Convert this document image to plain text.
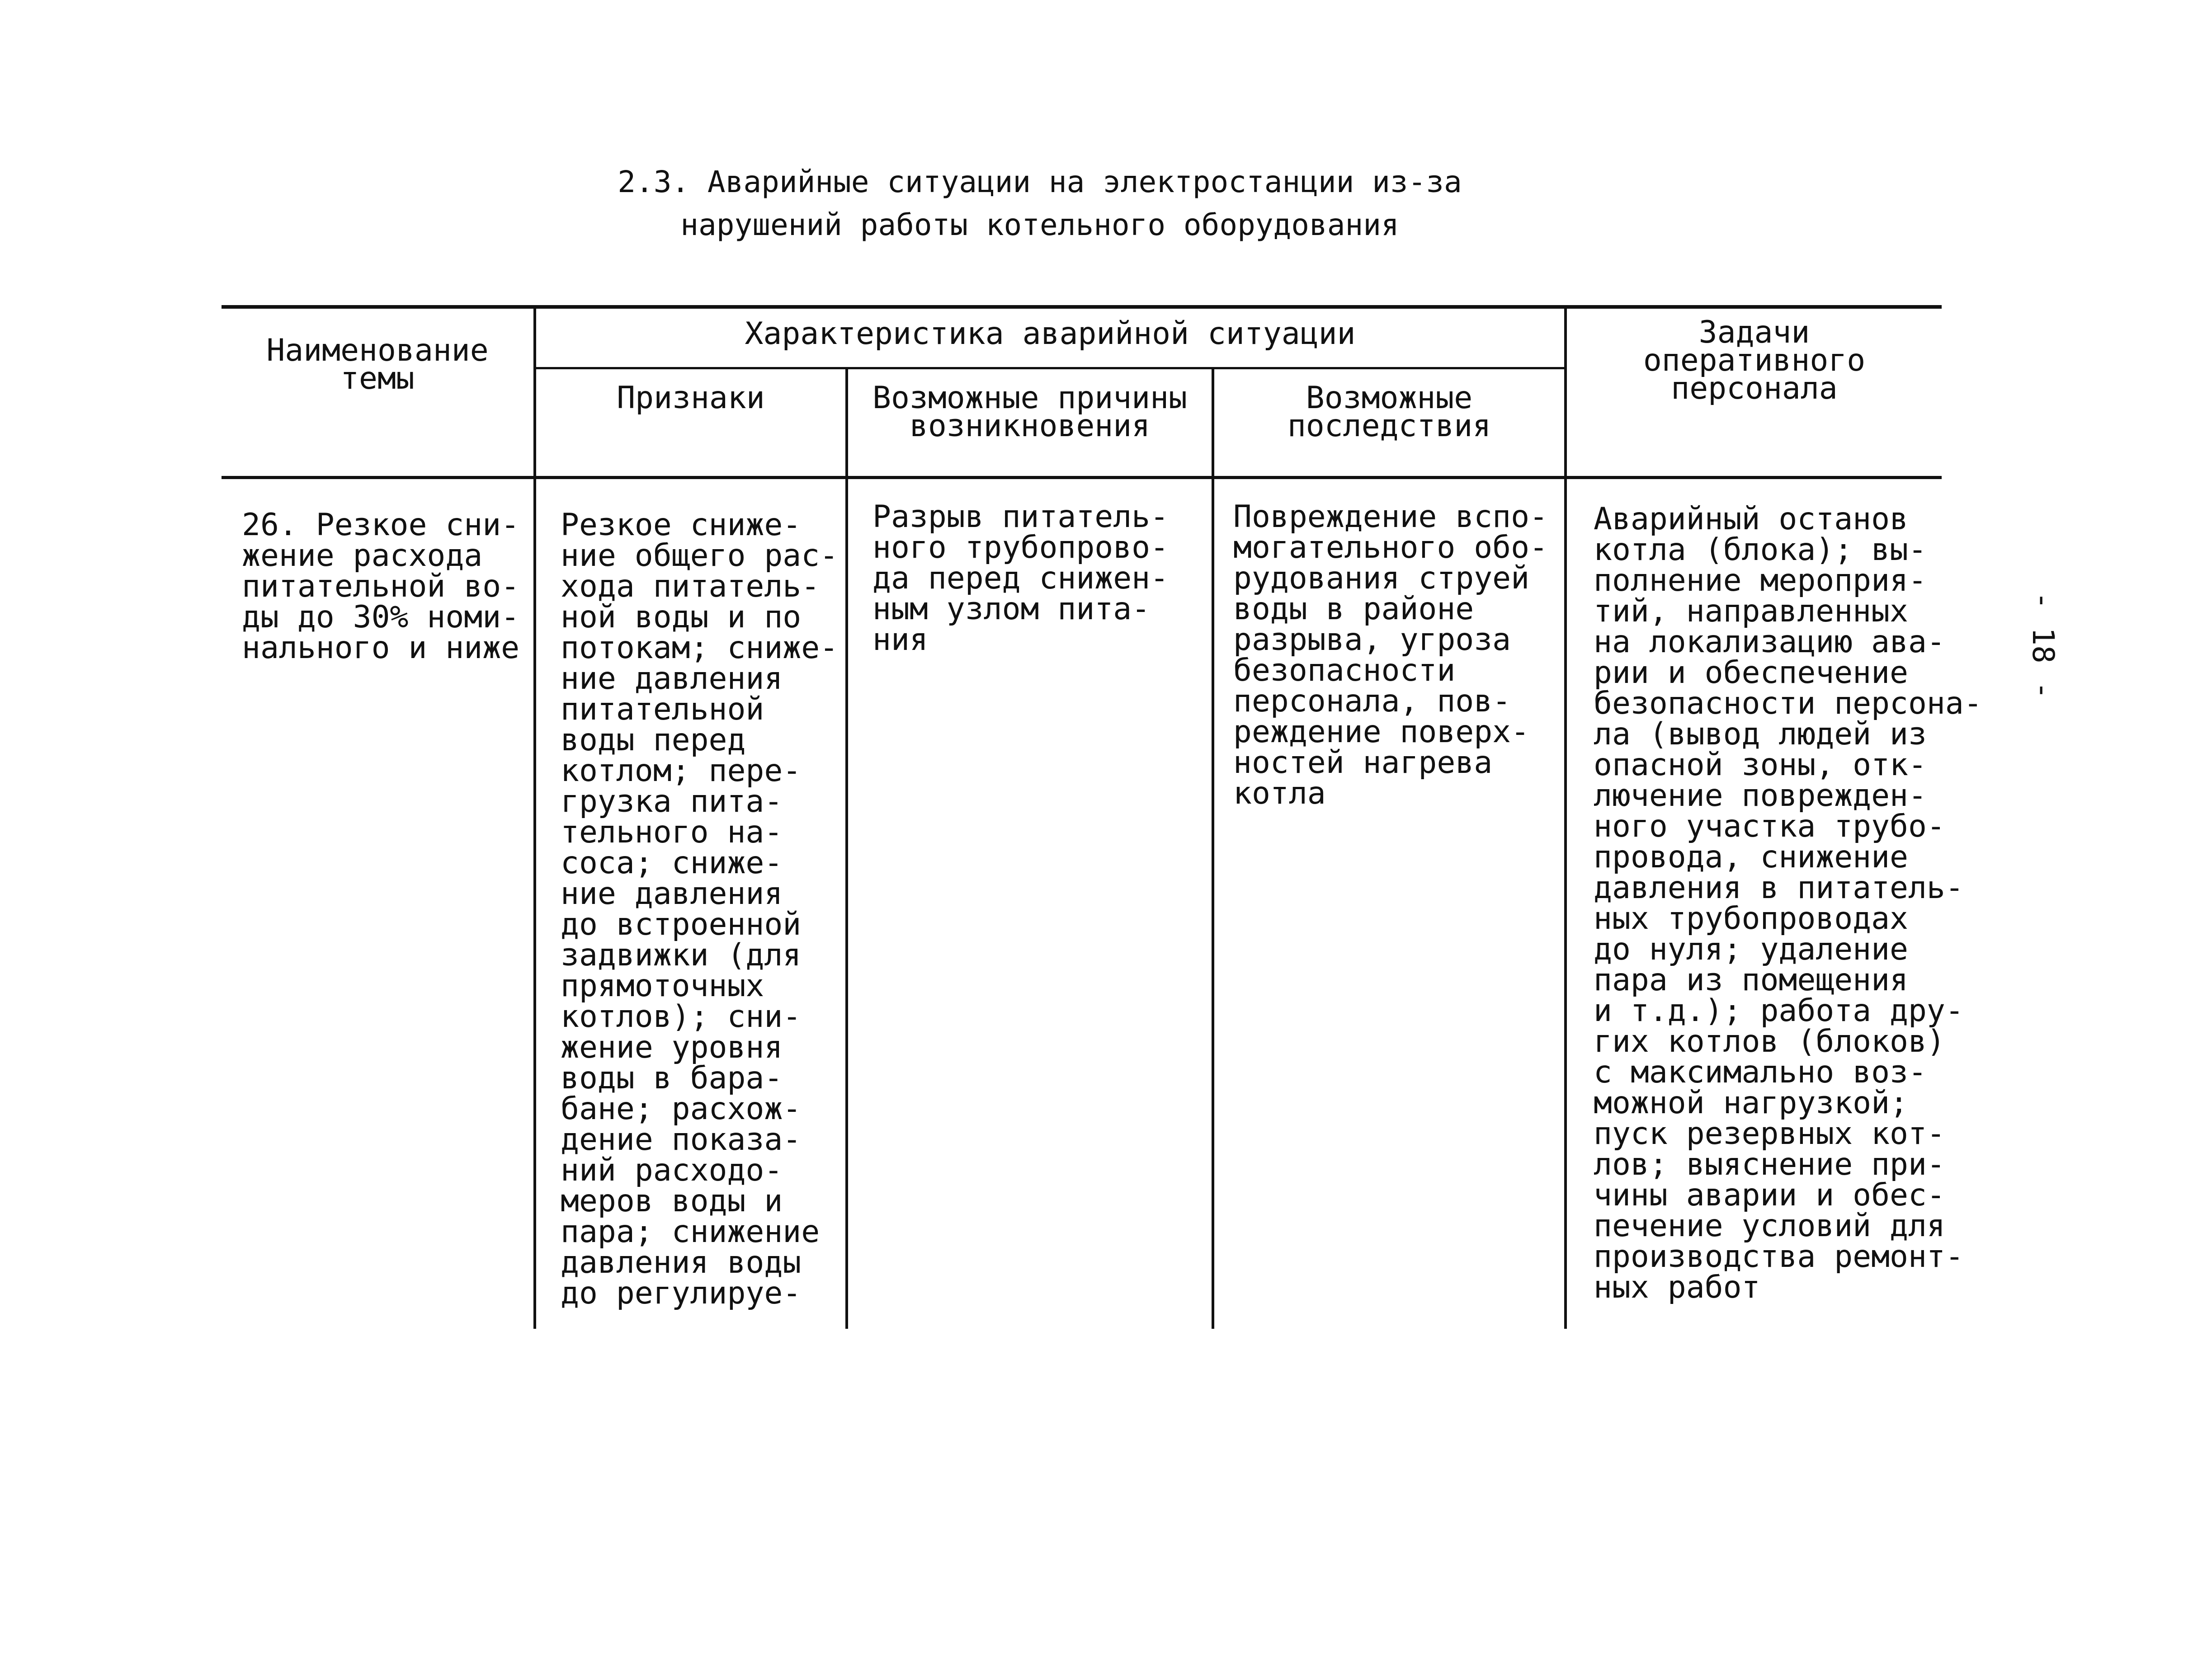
2.3. Аварийные ситуации на электростанции из-за
нарушений работы котельного оборудования
Наименование
темы
Характеристика аварийной ситуации
Признаки	Возможные причины
возникновения
Возможные
последствия
Задачи
оперативного
персонала
26. Резкое сни-
жение расхода
питательной во-
ды до 30% номи-
нального и ниже
Резкое сниже-
ние общего рас-
хода питатель-
ной воды и по
потокам; сниже-
ние давления
питательной
воды перед
котлом; пере-
грузка пита-
тельного на-
соса; сниже-
ние давления
до встроенной
задвижки (для
прямоточных
котлов); сни-
жение уровня
воды в бара-
бане; расхож-
дение показа-
ний расходо-
меров воды и
пара; снижение
давления воды
до регулируе-
Разрыв питатель-
ного трубопрово-
да перед снижен-
ным узлом пита-
ния
Повреждение вспо-
могательного обо-
рудования струей
воды в районе
разрыва, угроза
безопасности
персонала, пов-
реждение поверх-
ностей нагрева
котла
Аварийный останов
котла (блока); вы-
полнение мероприя-
тий, направленных
на локализацию ава-
рии и обеспечение
безопасности персона-
ла (вывод людей из
опасной зоны, отк-
лючение поврежден-
ного участка трубо-
провода, снижение
давления в питатель-
ных трубопроводах
до нуля; удаление
пара из помещения
и т.д.); работа дру-
гих котлов (блоков)
с максимально воз-
можной нагрузкой;
пуск резервных кот-
лов; выяснение при-
чины аварии и обес-
печение условий для
производства ремонт-
ных работ
- 18 -
